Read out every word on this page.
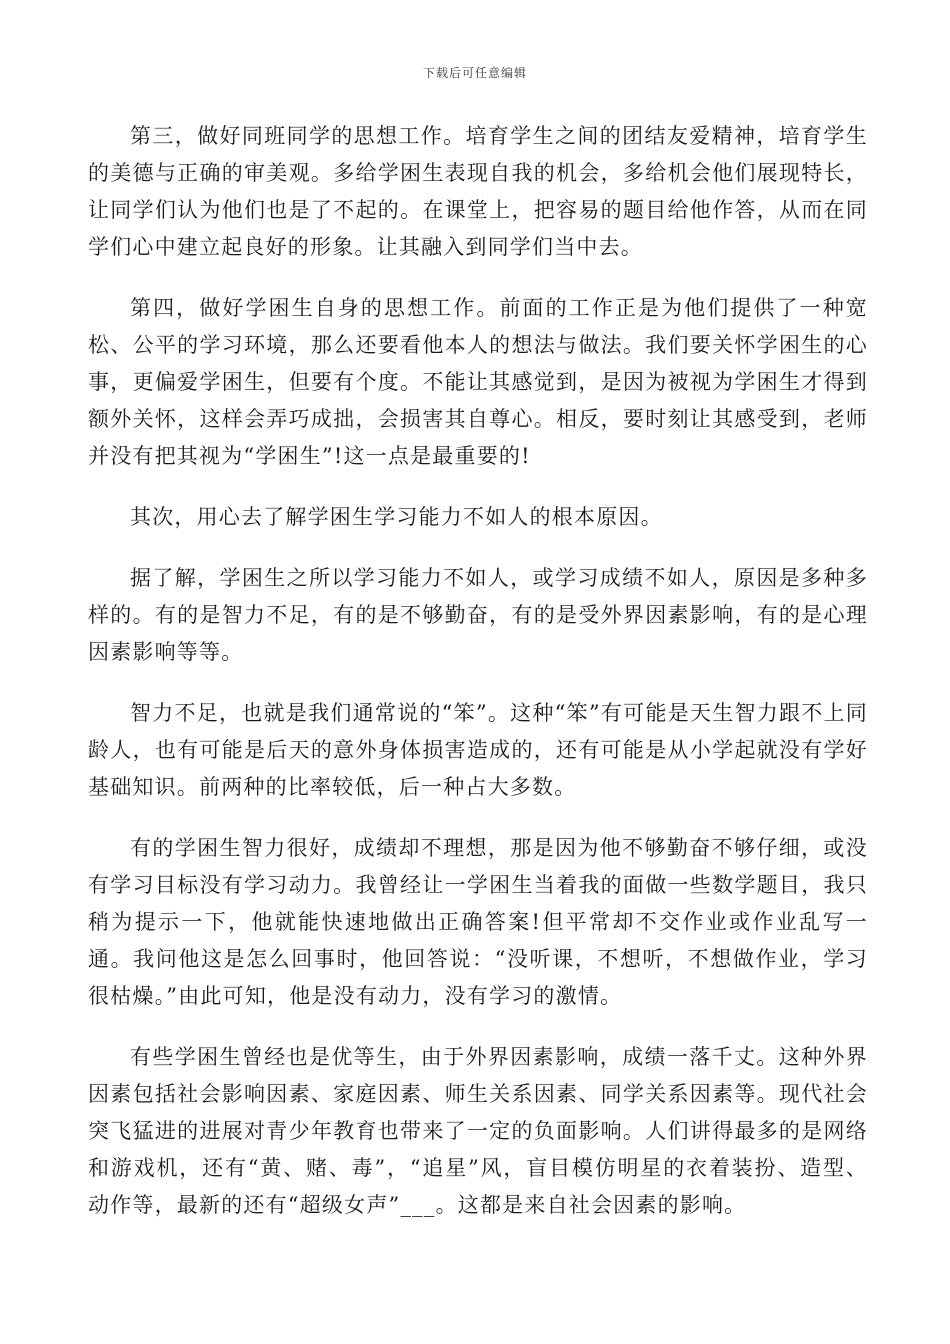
下载后可任意编辑

第三，做好同班同学的思想工作。培育学生之间的团结友爱精神，培育学生的美德与正确的审美观。多给学困生表现自我的机会，多给机会他们展现特长，让同学们认为他们也是了不起的。在课堂上，把容易的题目给他作答，从而在同学们心中建立起良好的形象。让其融入到同学们当中去。

第四，做好学困生自身的思想工作。前面的工作正是为他们提供了一种宽松、公平的学习环境，那么还要看他本人的想法与做法。我们要关怀学困生的心事，更偏爱学困生，但要有个度。不能让其感觉到，是因为被视为学困生才得到额外关怀，这样会弄巧成拙，会损害其自尊心。相反，要时刻让其感受到，老师并没有把其视为“学困生”!这一点是最重要的!

其次，用心去了解学困生学习能力不如人的根本原因。

据了解，学困生之所以学习能力不如人，或学习成绩不如人，原因是多种多样的。有的是智力不足，有的是不够勤奋，有的是受外界因素影响，有的是心理因素影响等等。

智力不足，也就是我们通常说的“笨”。这种“笨”有可能是天生智力跟不上同龄人，也有可能是后天的意外身体损害造成的，还有可能是从小学起就没有学好基础知识。前两种的比率较低，后一种占大多数。

有的学困生智力很好，成绩却不理想，那是因为他不够勤奋不够仔细，或没有学习目标没有学习动力。我曾经让一学困生当着我的面做一些数学题目，我只稍为提示一下，他就能快速地做出正确答案!但平常却不交作业或作业乱写一通。我问他这是怎么回事时，他回答说：“没听课，不想听，不想做作业，学习很枯燥。”由此可知，他是没有动力，没有学习的激情。

有些学困生曾经也是优等生，由于外界因素影响，成绩一落千丈。这种外界因素包括社会影响因素、家庭因素、师生关系因素、同学关系因素等。现代社会突飞猛进的进展对青少年教育也带来了一定的负面影响。人们讲得最多的是网络和游戏机，还有“黄、赌、毒”，“追星”风，盲目模仿明星的衣着装扮、造型、动作等，最新的还有“超级女声”___。这都是来自社会因素的影响。
